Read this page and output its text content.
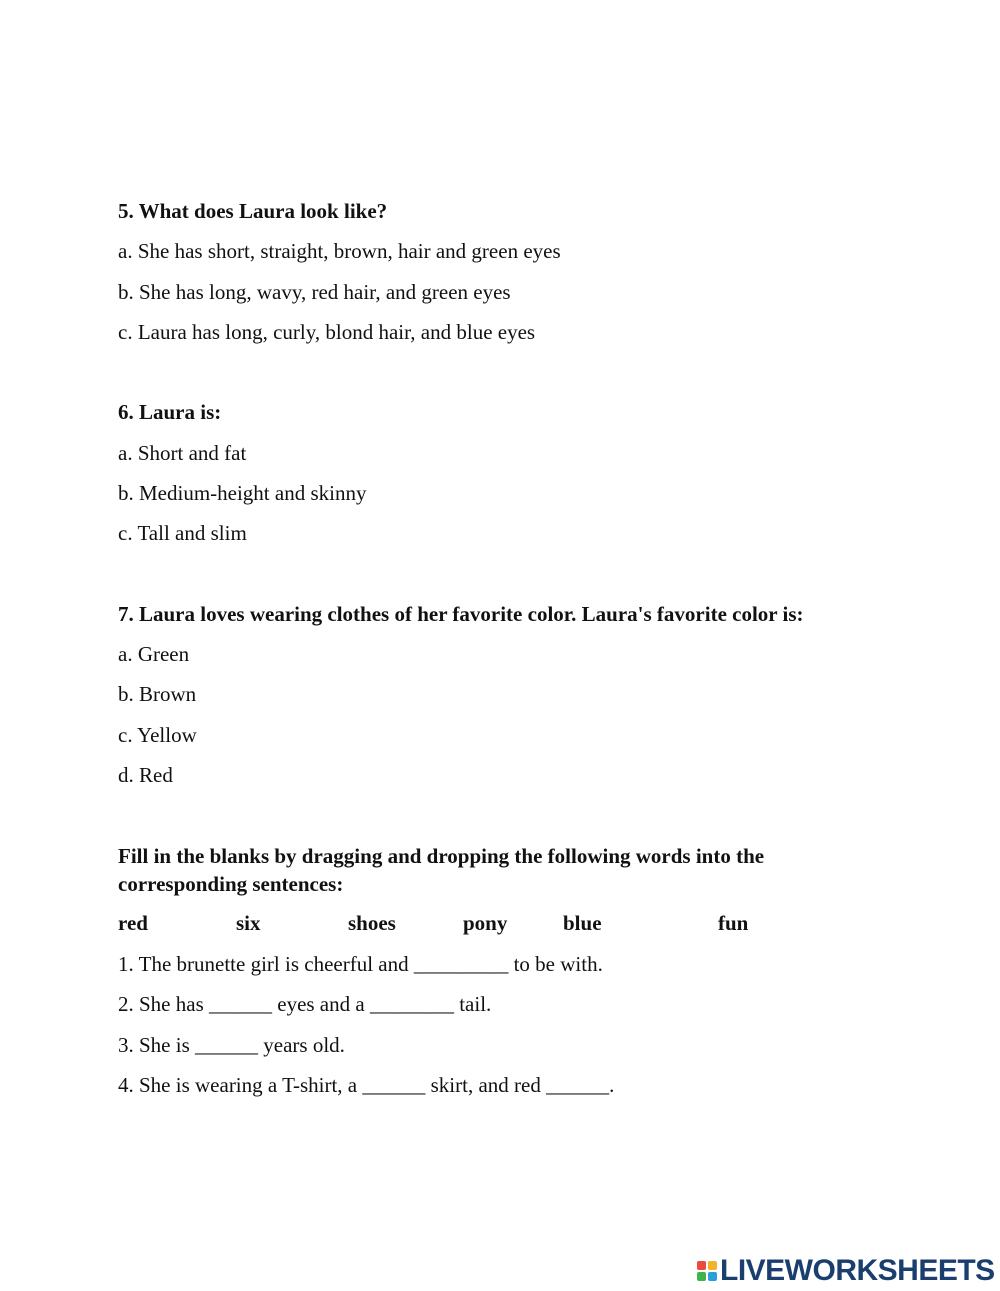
5. What does Laura look like?

a. She has short, straight, brown, hair and green eyes

b. She has long, wavy, red hair, and green eyes

c. Laura has long, curly, blond hair, and blue eyes

6. Laura is:

a. Short and fat

b. Medium-height and skinny

c. Tall and slim

7. Laura loves wearing clothes of her favorite color. Laura's favorite color is:

a. Green

b. Brown

c. Yellow

d. Red

Fill in the blanks by dragging and dropping the following words into the

corresponding sentences:

red	six	shoes	pony	blue	fun

1. The brunette girl is cheerful and _________ to be with.

2. She has ______ eyes and a ________ tail.

3. She is ______ years old.

4. She is wearing a T-shirt, a ______ skirt, and red ______.

LIVEWORKSHEETS
